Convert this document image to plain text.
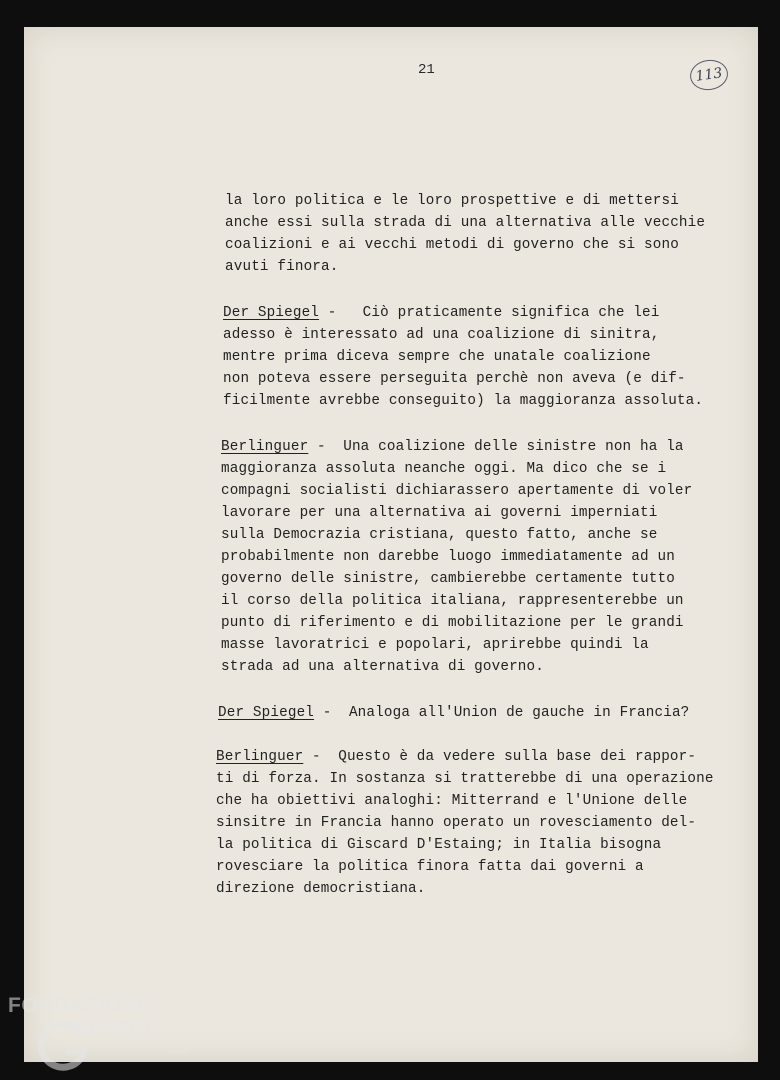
21	113
la loro politica e le loro prospettive e di mettersi
anche essi sulla strada di una alternativa alle vecchie
coalizioni e ai vecchi metodi di governo che si sono
avuti finora.
Der Spiegel -   Ciò praticamente significa che lei
adesso è interessato ad una coalizione di sinitra,
mentre prima diceva sempre che unatale coalizione
non poteva essere perseguita perchè non aveva (e dif-
ficilmente avrebbe conseguito) la maggioranza assoluta.
Berlinguer -  Una coalizione delle sinistre non ha la
maggioranza assoluta neanche oggi. Ma dico che se i
compagni socialisti dichiarassero apertamente di voler
lavorare per una alternativa ai governi imperniati
sulla Democrazia cristiana, questo fatto, anche se
probabilmente non darebbe luogo immediatamente ad un
governo delle sinistre, cambierebbe certamente tutto
il corso della politica italiana, rappresenterebbe un
punto di riferimento e di mobilitazione per le grandi
masse lavoratrici e popolari, aprirebbe quindi la
strada ad una alternativa di governo.
Der Spiegel -  Analoga all'Union de gauche in Francia?
Berlinguer -  Questo è da vedere sulla base dei rappor-
ti di forza. In sostanza si tratterebbe di una operazione
che ha obiettivi analoghi: Mitterrand e l'Unione delle
sinsitre in Francia hanno operato un rovesciamento del-
la politica di Giscard D'Estaing; in Italia bisogna
rovesciare la politica finora fatta dai governi a
direzione democristiana.
FONDAZIONE
RAMSCI
onlus
